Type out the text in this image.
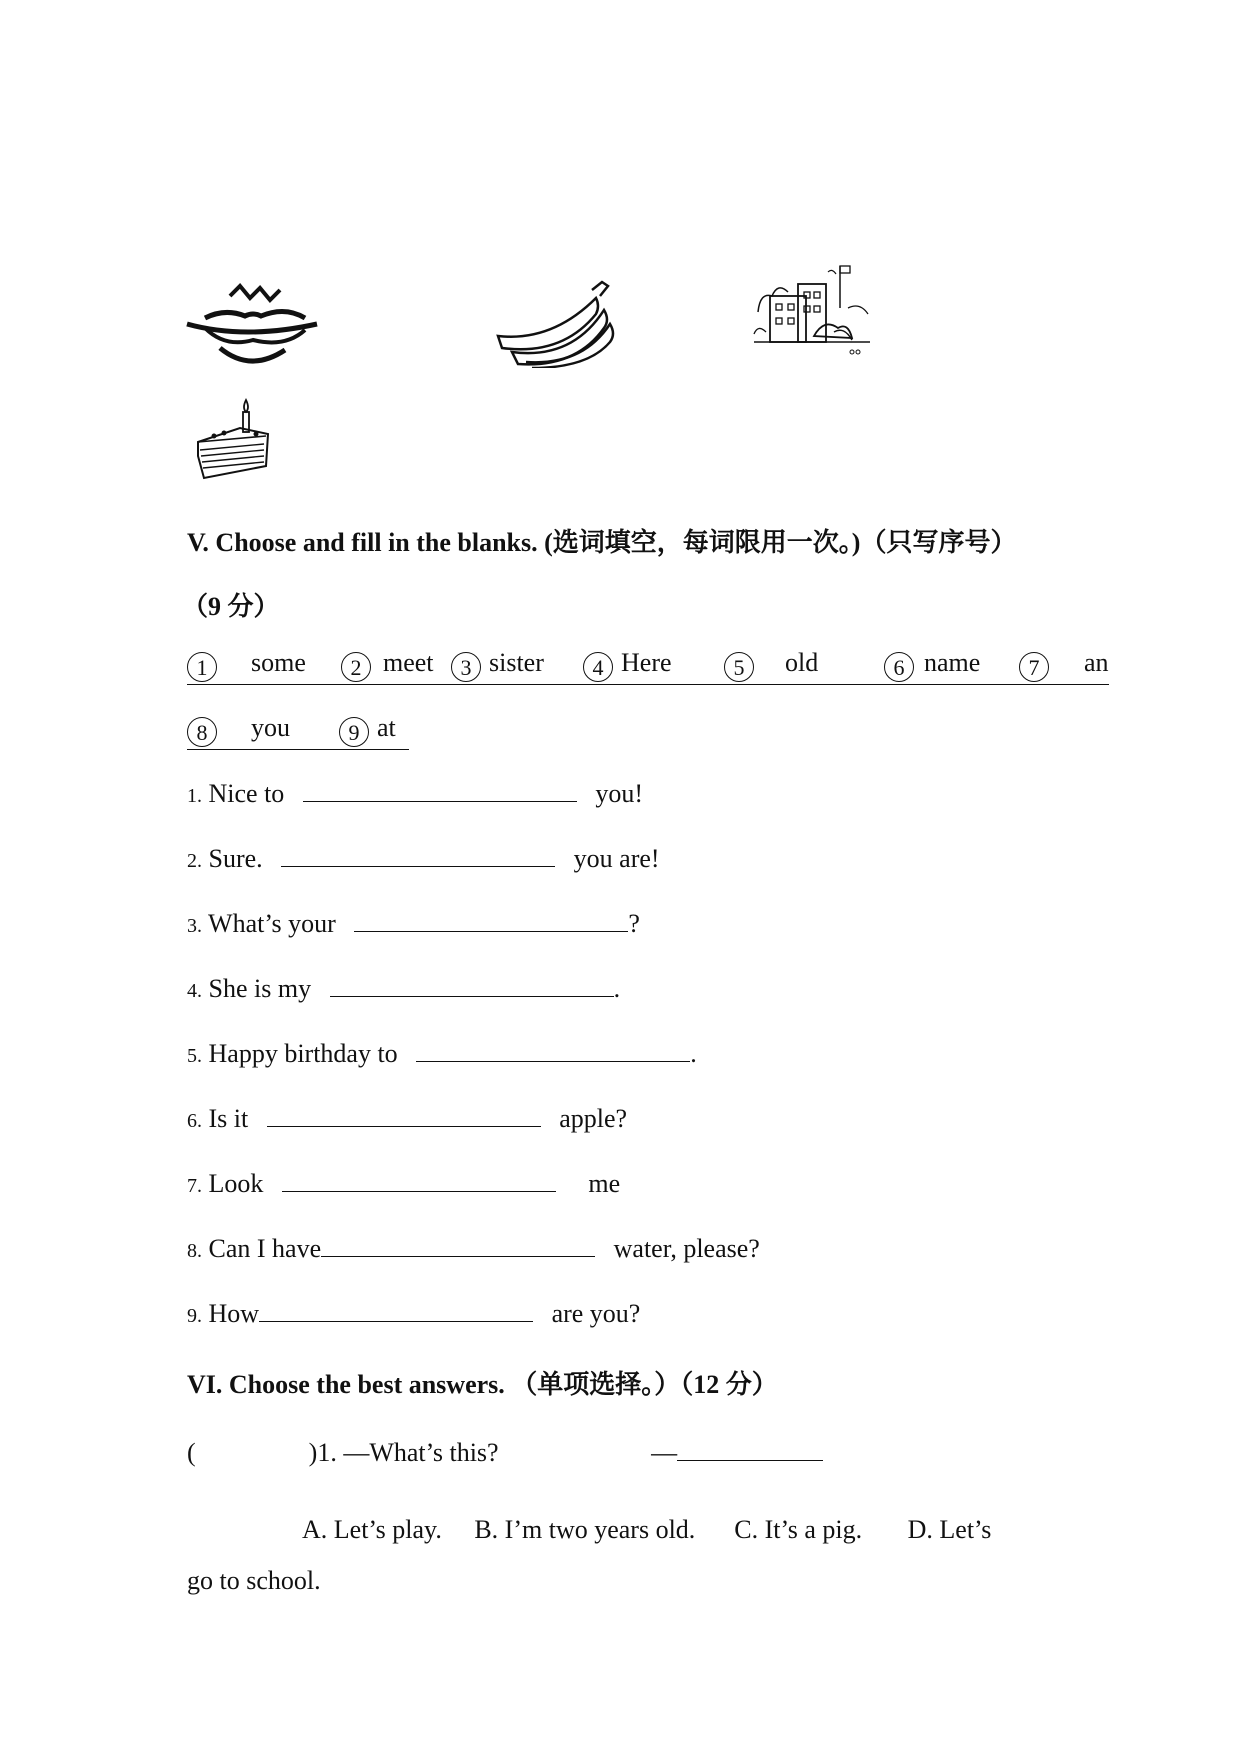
V. Choose and fill in the blanks. (选词填空，每词限用一次。)（只写序号）
（9 分）
1	some	2 meet	3 sister	4 Here	5	old	6 name	7	an
8	you	9 at
1. Nice to	you!
2. Sure.	you are!
3. What’s your	?
4. She is my	.
5. Happy birthday to	.
6. Is it	apple?
7. Look	me
8. Can I have	water, please?
9. How	are you?
VI. Choose the best answers. （单项选择。）（12 分）
(	)1. —What’s this?	—
A. Let’s play.     B. I’m two years old.      C. It’s a pig.       D. Let’s
go to school.
